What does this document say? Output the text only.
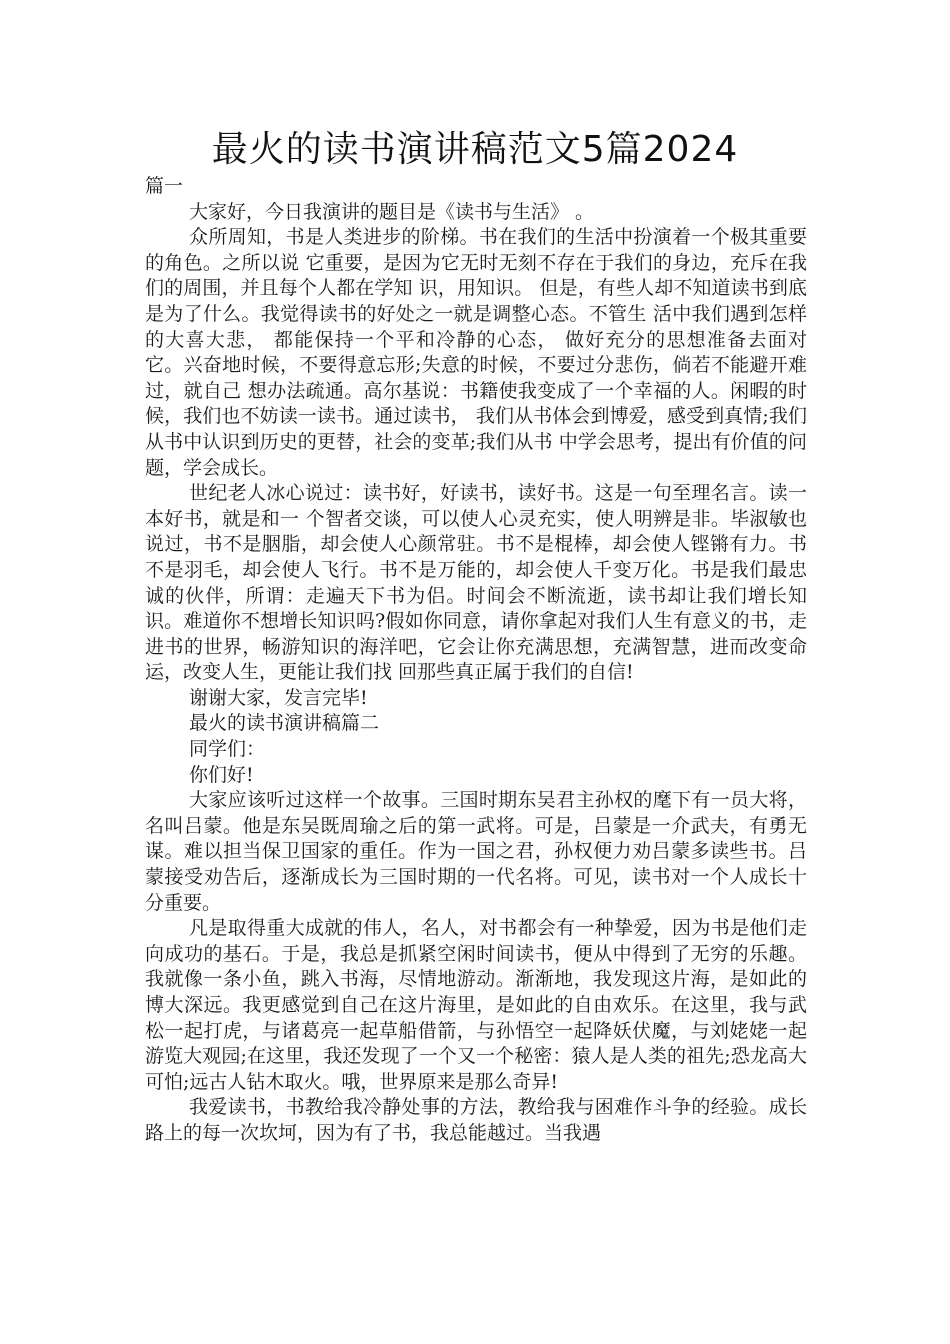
最火的读书演讲稿范文5篇2024

篇一

大家好，今日我演讲的题目是《读书与生活》 。

众所周知，书是人类进步的阶梯。书在我们的生活中扮演着一个极其重要的角色。之所以说 它重要，是因为它无时无刻不存在于我们的身边，充斥在我们的周围，并且每个人都在学知 识，用知识。 但是，有些人却不知道读书到底是为了什么。我觉得读书的好处之一就是调整心态。不管生 活中我们遇到怎样的大喜大悲， 都能保持一个平和冷静的心态， 做好充分的思想准备去面对 它。兴奋地时候，不要得意忘形;失意的时候，不要过分悲伤，倘若不能避开难过，就自己 想办法疏通。高尔基说：书籍使我变成了一个幸福的人。闲暇的时候，我们也不妨读一读书。通过读书， 我们从书体会到博爱，感受到真情;我们从书中认识到历史的更替，社会的变革;我们从书 中学会思考，提出有价值的问题，学会成长。

世纪老人冰心说过：读书好，好读书，读好书。这是一句至理名言。读一本好书，就是和一 个智者交谈，可以使人心灵充实，使人明辨是非。毕淑敏也说过，书不是胭脂，却会使人心颜常驻。书不是棍棒，却会使人铿锵有力。书不是羽毛，却会使人飞行。书不是万能的，却会使人千变万化。书是我们最忠诚的伙伴，所谓：走遍天下书为侣。时间会不断流逝，读书却让我们增长知识。难道你不想增长知识吗?假如你同意，请你拿起对我们人生有意义的书，走进书的世界，畅游知识的海洋吧，它会让你充满思想，充满智慧，进而改变命运，改变人生，更能让我们找 回那些真正属于我们的自信!

谢谢大家，发言完毕!

最火的读书演讲稿篇二

同学们：

你们好!

大家应该听过这样一个故事。三国时期东吴君主孙权的麾下有一员大将，名叫吕蒙。他是东吴既周瑜之后的第一武将。可是，吕蒙是一介武夫，有勇无谋。难以担当保卫国家的重任。作为一国之君，孙权便力劝吕蒙多读些书。吕蒙接受劝告后，逐渐成长为三国时期的一代名将。可见，读书对一个人成长十分重要。

凡是取得重大成就的伟人，名人，对书都会有一种挚爱，因为书是他们走向成功的基石。于是，我总是抓紧空闲时间读书，便从中得到了无穷的乐趣。我就像一条小鱼，跳入书海，尽情地游动。渐渐地，我发现这片海，是如此的博大深远。我更感觉到自己在这片海里，是如此的自由欢乐。在这里，我与武松一起打虎，与诸葛亮一起草船借箭，与孙悟空一起降妖伏魔，与刘姥姥一起游览大观园;在这里，我还发现了一个又一个秘密：猿人是人类的祖先;恐龙高大可怕;远古人钻木取火。哦，世界原来是那么奇异!

我爱读书，书教给我冷静处事的方法，教给我与困难作斗争的经验。成长路上的每一次坎坷，因为有了书，我总能越过。当我遇
